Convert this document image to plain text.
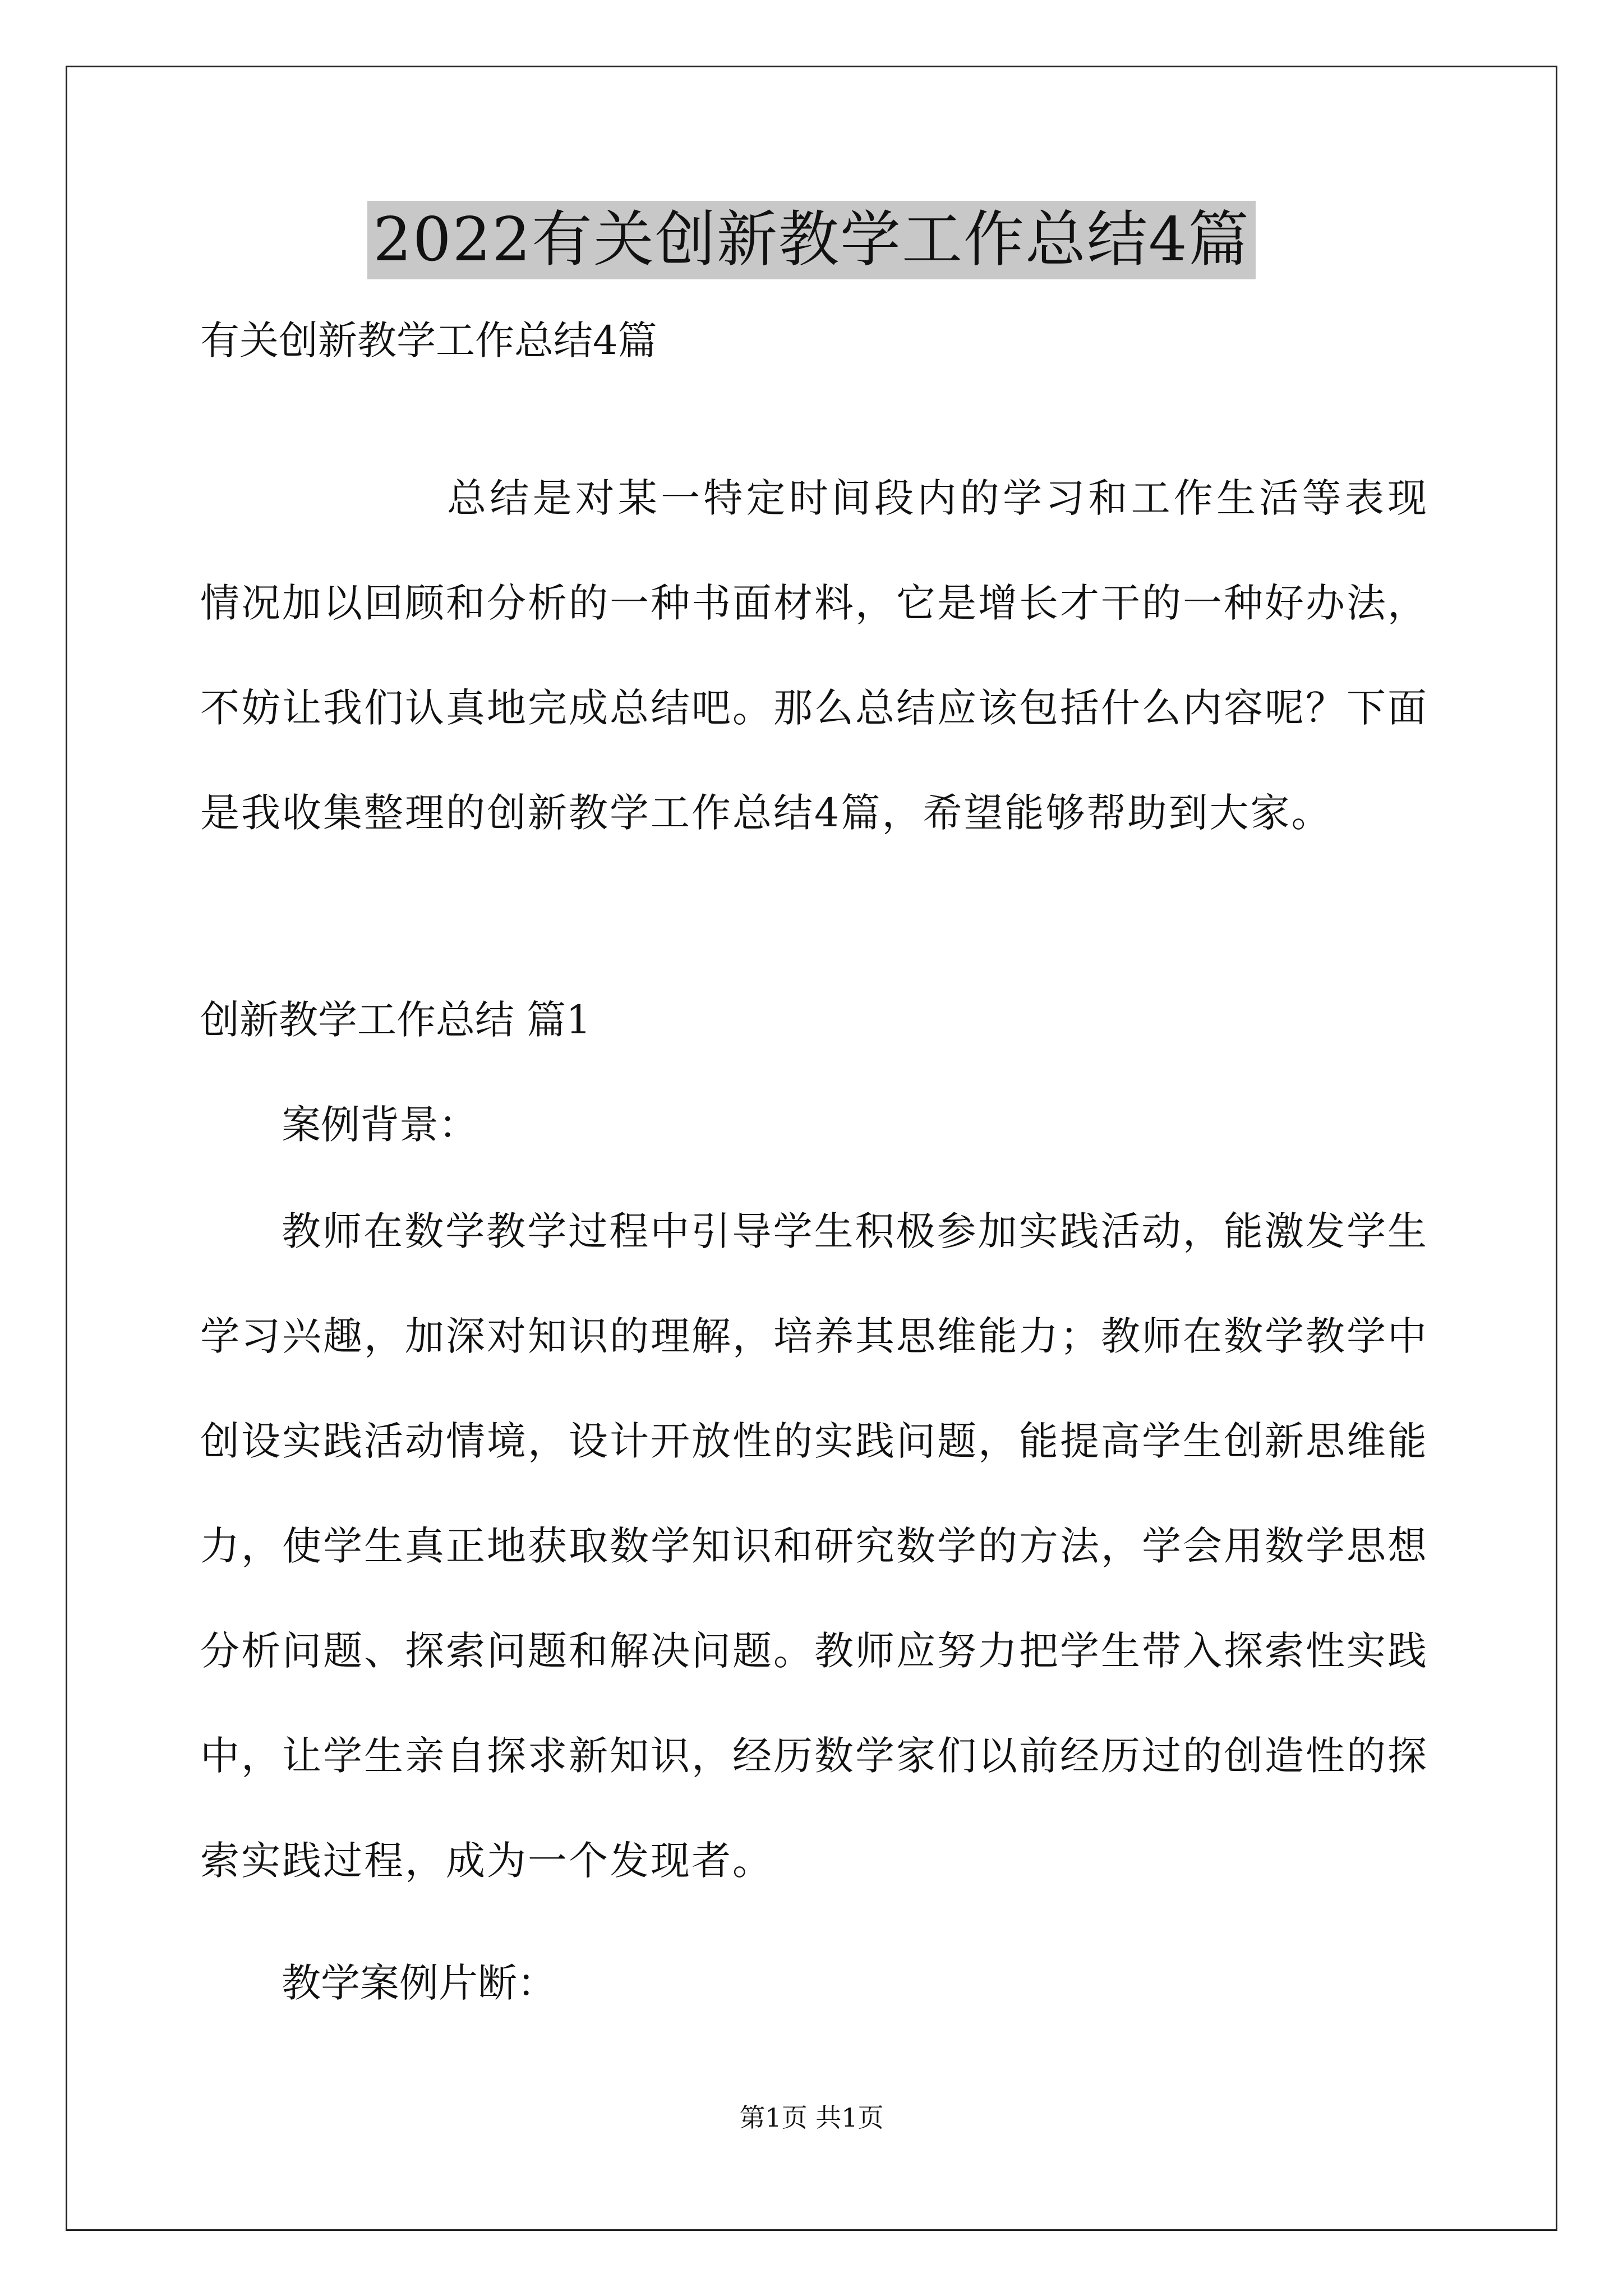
2022有关创新教学工作总结4篇
有关创新教学工作总结4篇
总结是对某一特定时间段内的学习和工作生活等表现情况加以回顾和分析的一种书面材料，它是增长才干的一种好办法，不妨让我们认真地完成总结吧。那么总结应该包括什么内容呢？下面是我收集整理的创新教学工作总结4篇，希望能够帮助到大家。
创新教学工作总结 篇1
案例背景：
教师在数学教学过程中引导学生积极参加实践活动，能激发学生学习兴趣，加深对知识的理解，培养其思维能力；教师在数学教学中创设实践活动情境，设计开放性的实践问题，能提高学生创新思维能力，使学生真正地获取数学知识和研究数学的方法，学会用数学思想分析问题、探索问题和解决问题。教师应努力把学生带入探索性实践中，让学生亲自探求新知识，经历数学家们以前经历过的创造性的探索实践过程，成为一个发现者。
教学案例片断：
第1页 共1页
